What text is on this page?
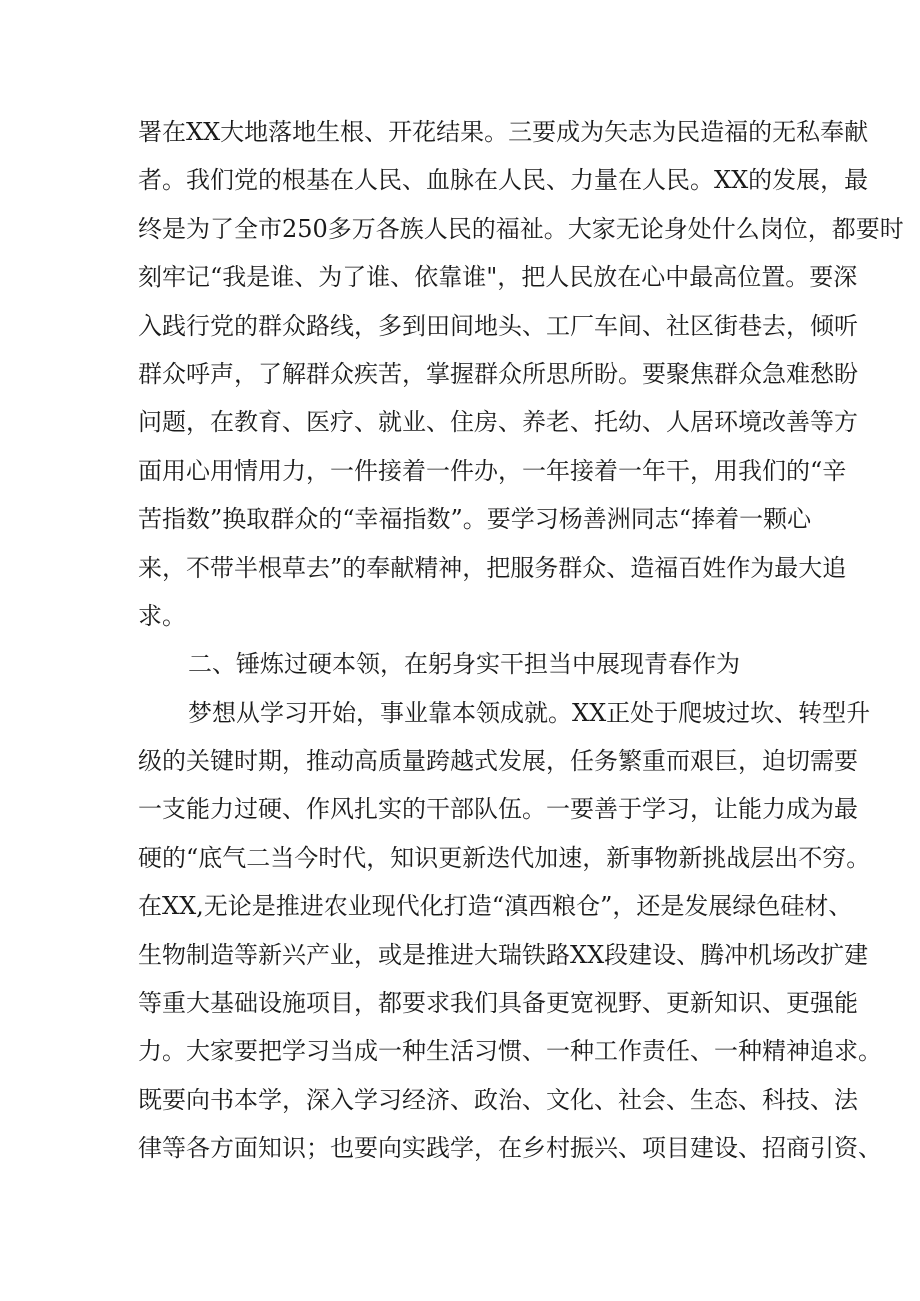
署在XX大地落地生根、开花结果。三要成为矢志为民造福的无私奉献
者。我们党的根基在人民、血脉在人民、力量在人民。XX的发展，最
终是为了全市250多万各族人民的福祉。大家无论身处什么岗位，都要时
刻牢记“我是谁、为了谁、依靠谁"，把人民放在心中最高位置。要深
入践行党的群众路线，多到田间地头、工厂车间、社区街巷去，倾听
群众呼声，了解群众疾苦，掌握群众所思所盼。要聚焦群众急难愁盼
问题，在教育、医疗、就业、住房、养老、托幼、人居环境改善等方
面用心用情用力，一件接着一件办，一年接着一年干，用我们的“辛
苦指数”换取群众的“幸福指数”。要学习杨善洲同志“捧着一颗心
来，不带半根草去”的奉献精神，把服务群众、造福百姓作为最大追
求。
二、锤炼过硬本领，在躬身实干担当中展现青春作为
梦想从学习开始，事业靠本领成就。XX正处于爬坡过坎、转型升
级的关键时期，推动高质量跨越式发展，任务繁重而艰巨，迫切需要
一支能力过硬、作风扎实的干部队伍。一要善于学习，让能力成为最
硬的“底气二当今时代，知识更新迭代加速，新事物新挑战层出不穷。
在XX,无论是推进农业现代化打造“滇西粮仓”，还是发展绿色硅材、
生物制造等新兴产业，或是推进大瑞铁路XX段建设、腾冲机场改扩建
等重大基础设施项目，都要求我们具备更宽视野、更新知识、更强能
力。大家要把学习当成一种生活习惯、一种工作责任、一种精神追求。
既要向书本学，深入学习经济、政治、文化、社会、生态、科技、法
律等各方面知识；也要向实践学，在乡村振兴、项目建设、招商引资、
